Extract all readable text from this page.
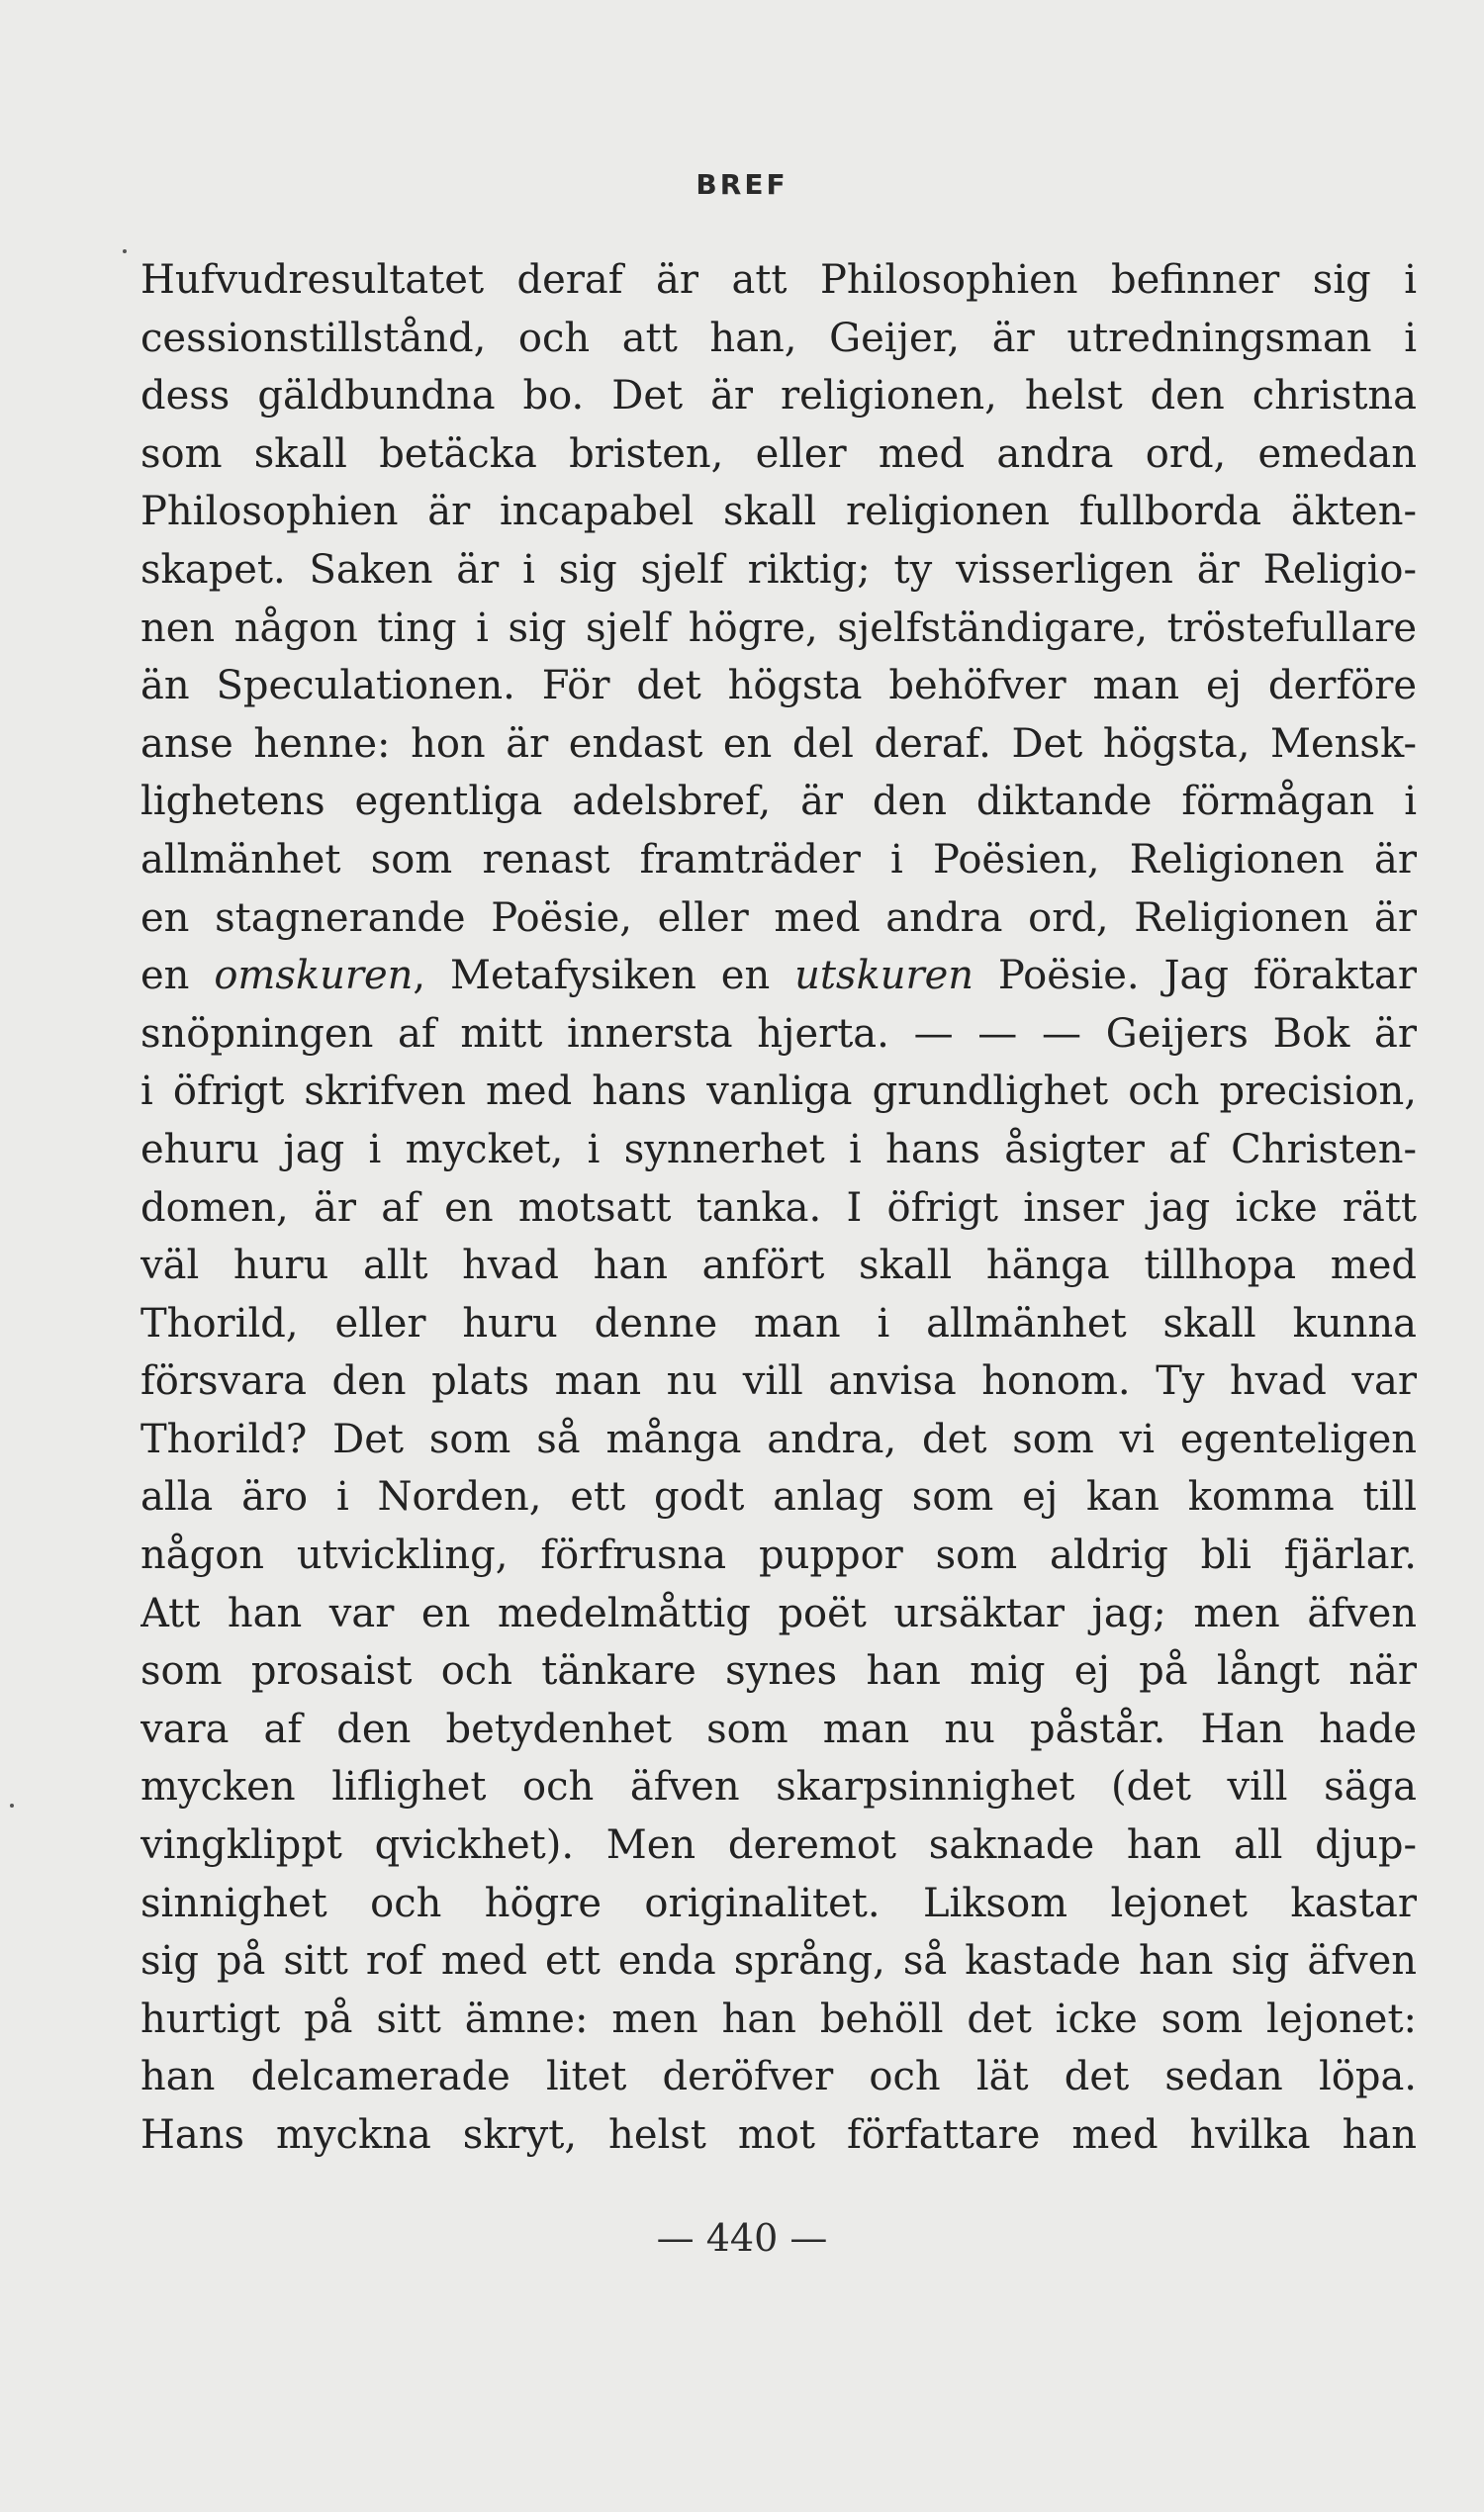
BREF
Hufvudresultatet deraf är att Philosophien befinner sig i
cessionstillstånd, och att han, Geijer, är utredningsman i
dess gäldbundna bo. Det är religionen, helst den christna
som skall betäcka bristen, eller med andra ord, emedan
Philosophien är incapabel skall religionen fullborda äkten-
skapet. Saken är i sig sjelf riktig; ty visserligen är Religio-
nen någon ting i sig sjelf högre, sjelfständigare, tröstefullare
än Speculationen. För det högsta behöfver man ej derföre
anse henne: hon är endast en del deraf. Det högsta, Mensk-
lighetens egentliga adelsbref, är den diktande förmågan i
allmänhet som renast framträder i Poësien, Religionen är
en stagnerande Poësie, eller med andra ord, Religionen är
en omskuren, Metafysiken en utskuren Poësie. Jag föraktar
snöpningen af mitt innersta hjerta. — — — Geijers Bok är
i öfrigt skrifven med hans vanliga grundlighet och precision,
ehuru jag i mycket, i synnerhet i hans åsigter af Christen-
domen, är af en motsatt tanka. I öfrigt inser jag icke rätt
väl huru allt hvad han anfört skall hänga tillhopa med
Thorild, eller huru denne man i allmänhet skall kunna
försvara den plats man nu vill anvisa honom. Ty hvad var
Thorild? Det som så många andra, det som vi egenteligen
alla äro i Norden, ett godt anlag som ej kan komma till
någon utvickling, förfrusna puppor som aldrig bli fjärlar.
Att han var en medelmåttig poët ursäktar jag; men äfven
som prosaist och tänkare synes han mig ej på långt när
vara af den betydenhet som man nu påstår. Han hade
mycken liflighet och äfven skarpsinnighet (det vill säga
vingklippt qvickhet). Men deremot saknade han all djup-
sinnighet och högre originalitet. Liksom lejonet kastar
sig på sitt rof med ett enda språng, så kastade han sig äfven
hurtigt på sitt ämne: men han behöll det icke som lejonet:
han delcamerade litet deröfver och lät det sedan löpa.
Hans myckna skryt, helst mot författare med hvilka han
— 440 —
